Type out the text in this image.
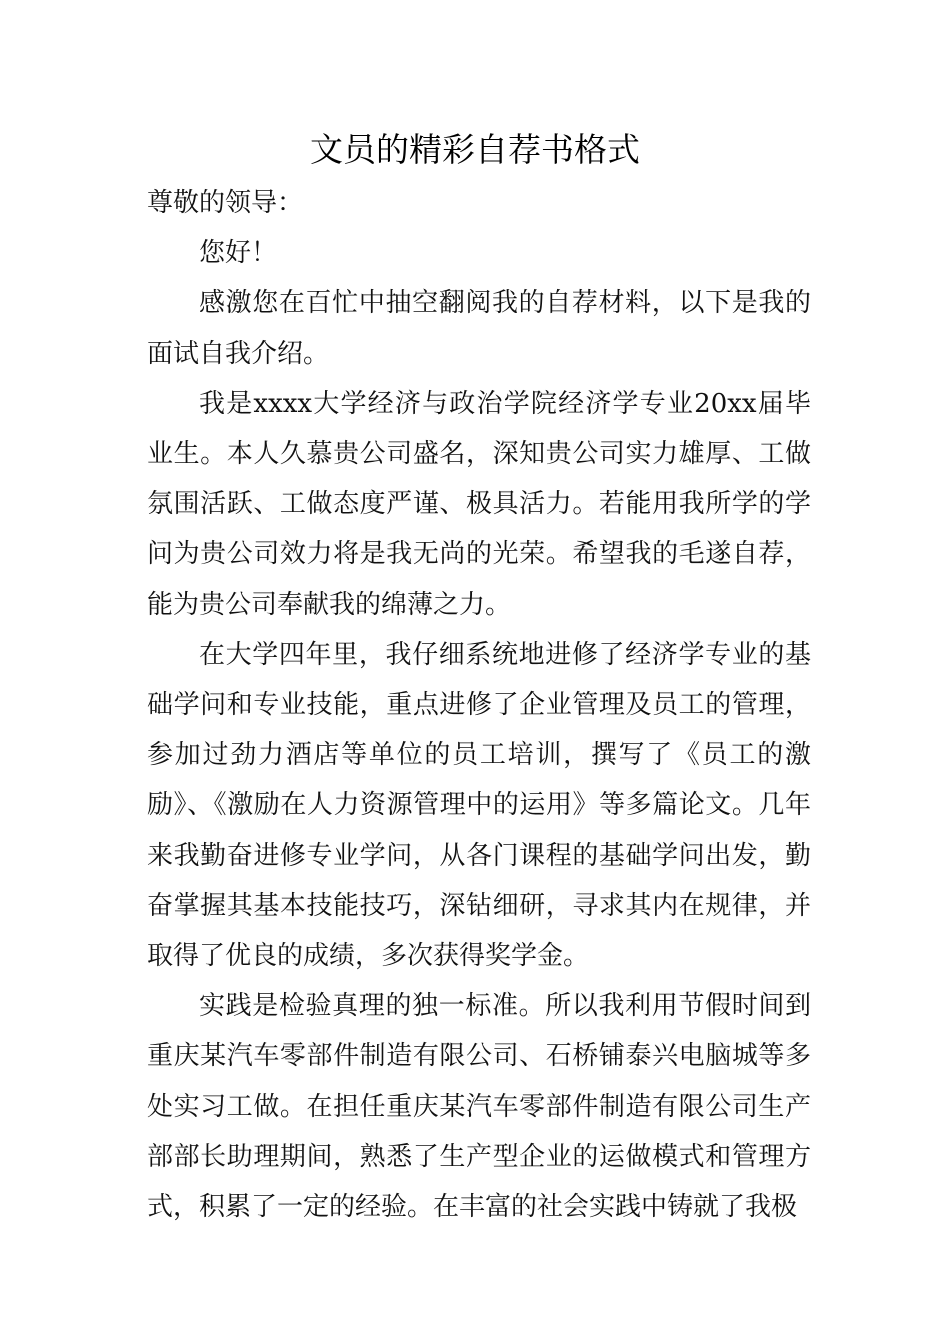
文员的精彩自荐书格式

尊敬的领导：

您好！

感激您在百忙中抽空翻阅我的自荐材料，以下是我的面试自我介绍。

我是xxxx大学经济与政治学院经济学专业20xx届毕业生。本人久慕贵公司盛名，深知贵公司实力雄厚、工做氛围活跃、工做态度严谨、极具活力。若能用我所学的学问为贵公司效力将是我无尚的光荣。希望我的毛遂自荐，能为贵公司奉献我的绵薄之力。

在大学四年里，我仔细系统地进修了经济学专业的基础学问和专业技能，重点进修了企业管理及员工的管理，参加过劲力酒店等单位的员工培训，撰写了《员工的激励》、《激励在人力资源管理中的运用》等多篇论文。几年来我勤奋进修专业学问，从各门课程的基础学问出发，勤奋掌握其基本技能技巧，深钻细研，寻求其内在规律，并取得了优良的成绩，多次获得奖学金。

实践是检验真理的独一标准。所以我利用节假时间到重庆某汽车零部件制造有限公司、石桥铺泰兴电脑城等多处实习工做。在担任重庆某汽车零部件制造有限公司生产部部长助理期间，熟悉了生产型企业的运做模式和管理方式，积累了一定的经验。在丰富的社会实践中铸就了我极
